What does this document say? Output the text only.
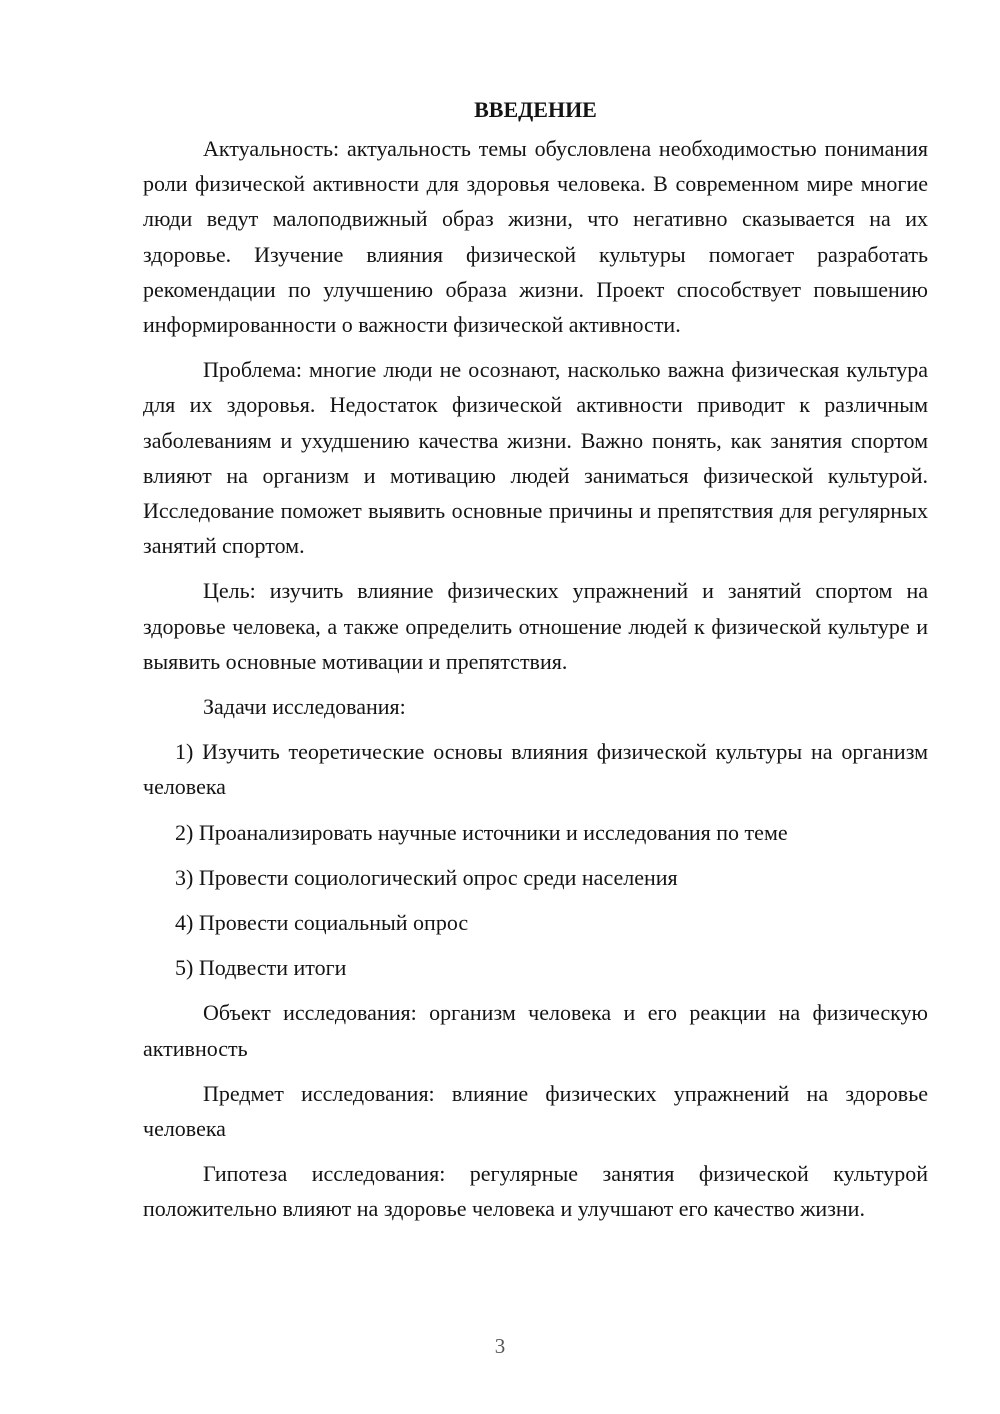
ВВЕДЕНИЕ

Актуальность: актуальность темы обусловлена необходимостью понимания роли физической активности для здоровья человека. В современном мире многие люди ведут малоподвижный образ жизни, что негативно сказывается на их здоровье. Изучение влияния физической культуры помогает разработать рекомендации по улучшению образа жизни. Проект способствует повышению информированности о важности физической активности.

Проблема: многие люди не осознают, насколько важна физическая культура для их здоровья. Недостаток физической активности приводит к различным заболеваниям и ухудшению качества жизни. Важно понять, как занятия спортом влияют на организм и мотивацию людей заниматься физической культурой. Исследование поможет выявить основные причины и препятствия для регулярных занятий спортом.

Цель: изучить влияние физических упражнений и занятий спортом на здоровье человека, а также определить отношение людей к физической культуре и выявить основные мотивации и препятствия.

Задачи исследования:

1) Изучить теоретические основы влияния физической культуры на организм человека

2) Проанализировать научные источники и исследования по теме

3) Провести социологический опрос среди населения

4) Провести социальный опрос

5) Подвести итоги

Объект исследования: организм человека и его реакции на физическую активность

Предмет исследования: влияние физических упражнений на здоровье человека

Гипотеза исследования: регулярные занятия физической культурой положительно влияют на здоровье человека и улучшают его качество жизни.

3
